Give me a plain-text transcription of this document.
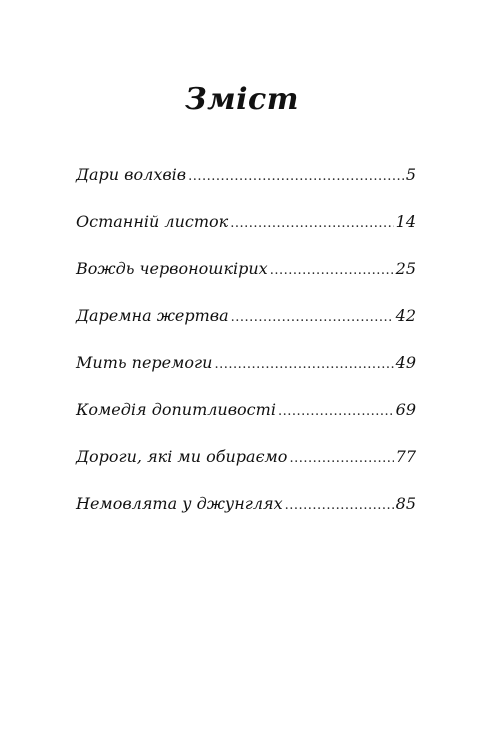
Зміст
Дари волхвів .....	5
Останній листок .....	14
Вождь червоношкірих .....	25
Даремна жертва .....	42
Мить перемоги .....	49
Комедія допитливості .....	69
Дороги, які ми обираємо .....	77
Немовлята у джунглях .....	85
